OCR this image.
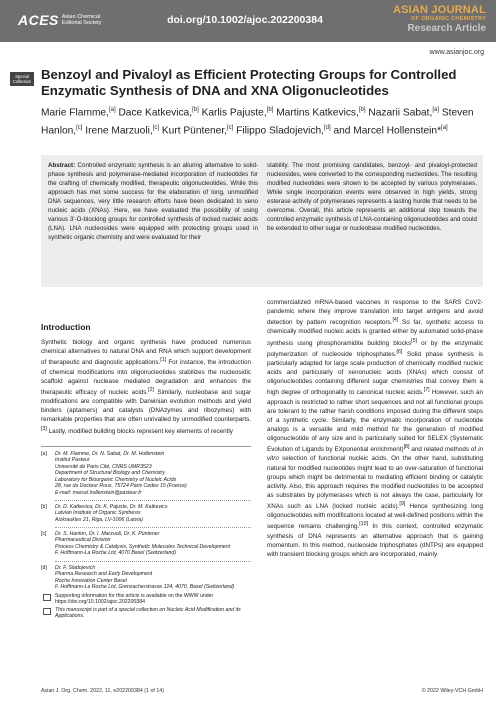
ACES Asian Chemical Editorial Society	doi.org/10.1002/ajoc.202200384
ASIAN JOURNAL
OF ORGANIC CHEMISTRY
Research Article
www.asianjoc.org
Special Collection Benzoyl and Pivaloyl as Efficient Protecting Groups for Controlled Enzymatic Synthesis of DNA and XNA Oligonucleotides
Marie Flamme,[a] Dace Katkevica,[b] Karlis Pajuste,[b] Martins Katkevics,[b] Nazarii Sabat,[a] Steven Hanlon,[c] Irene Marzuoli,[c] Kurt Püntener,[c] Filippo Sladojevich,[d] and Marcel Hollenstein*[a]
Abstract: Controlled enzymatic synthesis is an alluring alternative to solid-phase synthesis and polymerase-mediated incorporation of nucleotides for the crafting of chemically modified, therapeutic oligonucleotides. While this approach has met some success for the elaboration of long, unmodified DNA sequences, very little research efforts have been dedicated to xeno nucleic acids (XNAs). Here, we have evaluated the possibility of using various 3'-O-blocking groups for controlled synthesis of locked nucleic acids (LNA). LNA nucleosides were equipped with protecting groups used in synthetic organic chemistry and were evaluated for their
stability. The most promising candidates, benzoyl- and pivaloyl-protected nucleosides, were converted to the corresponding nucleotides. The resulting modified nucleotides were shown to be accepted by various polymerases. While single incorporation events were observed in high yields, strong esterase activity of polymerases represents a lasting hurdle that needs to be overcome. Overall, this article represents an additional step towards the controlled enzymatic synthesis of LNA-containing oligonucleotides and could be extended to other sugar or nucleobase modified nucleotides.
Introduction
Synthetic biology and organic synthesis have produced numerous chemical alternatives to natural DNA and RNA which support development of therapeutic and diagnostic applications.[1] For instance, the introduction of chemical modifications into oligonucleotides stabilizes the nucleosidic scaffold against nuclease mediated degradation and enhances the therapeutic efficacy of nucleic acids.[2] Similarly, nucleobase and sugar modifications are compatible with Darwinian evolution methods and yield binders (aptamers) and catalysts (DNAzymes and ribozymes) with remarkable properties that are often unrivalled by unmodified counterparts.[3] Lastly, modified building blocks represent key elements of recently
commercialized mRNA-based vaccines in response to the SARS CoV2-pandemic where they improve translation into target antigens and avoid detection by pattern recognition receptors.[4] So far, synthetic access to chemically modified nucleic acids is granted either by automated solid-phase synthesis using phosphoramidite building blocks[5] or by the enzymatic polymerization of nucleoside triphosphates.[6] Solid phase synthesis is particularly adapted for large scale production of chemically modified nucleic acids and particularly of xenonucleic acids (XNAs) which consist of oligonucleotides containing different sugar chemistries that convey them a high degree of orthogonality to canonical nucleic acids.[7] However, such an approach is restricted to rather short sequences and not all functional groups are tolerant to the rather harsh conditions imposed during the different steps of a synthetic cycle. Similarly, the enzymatic incorporation of nucleotide analogs is a versatile and mild method for the generation of modified oligonucleotide of any size and is particularly suited for SELEX (Systematic Evolution of Ligands by EXponential enrichment)[8] and related methods of in vitro selection of functional nucleic acids. On the other hand, substituting natural for modified nucleotides might lead to an over-saturation of functional groups which might be detrimental to mediating efficient binding or catalytic activity. Also, this approach requires the modified nucleotides to be accepted as substrates by polymerases which is not always the case, particularly for XNAs such as LNA (locked nucleic acids).[9] Hence synthesizing long oligonucleotides with modifications located at well-defined positions within the sequence remains challenging.[10] In this context, controlled enzymatic synthesis of DNA represents an alternative approach that is gaining momentum. In this method, nucleoside triphosphates (dNTPs) are equipped with transient blocking groups which are incorporated, mainly
[a] Dr. M. Flamme, Dr. N. Sabat, Dr. M. Hollenstein
Institut Pasteur
Université de Paris Cité, CNRS UMR3523
Department of Structural Biology and Chemistry
Laboratory for Bioorganic Chemistry of Nucleic Acids
28, rue du Docteur Roux, 75724 Paris Cedex 15 (France)
E-mail: marcel.hollenstein@pasteur.fr
[b] Dr. D. Katkevica, Dr. K. Pajuste, Dr. M. Katkevics
Latvian Institute of Organic Synthesis
Aizkraukles 21, Riga, LV-1006 (Latvia)
[c] Dr. S. Hanlon, Dr. I. Marzuoli, Dr. K. Püntener
Pharmaceutical Division
Process Chemistry & Catalysis, Synthetic Molecules Technical Development
F. Hoffmann-La Roche Ltd, 4070 Basel (Switzerland)
[d] Dr. F. Sladojevich
Pharma Research and Early Development
Roche Innovation Center Basel
F. Hoffmann-La Roche Ltd, Grenzacherstrasse 124, 4070, Basel (Switzerland)
Supporting information for this article is available on the WWW under https://doi.org/10.1002/ajoc.202200384
This manuscript is part of a special collection on Nucleic Acid Modification and its Applications.
Asian J. Org. Chem. 2022, 11, e202200384 (1 of 14)	© 2022 Wiley-VCH GmbH
